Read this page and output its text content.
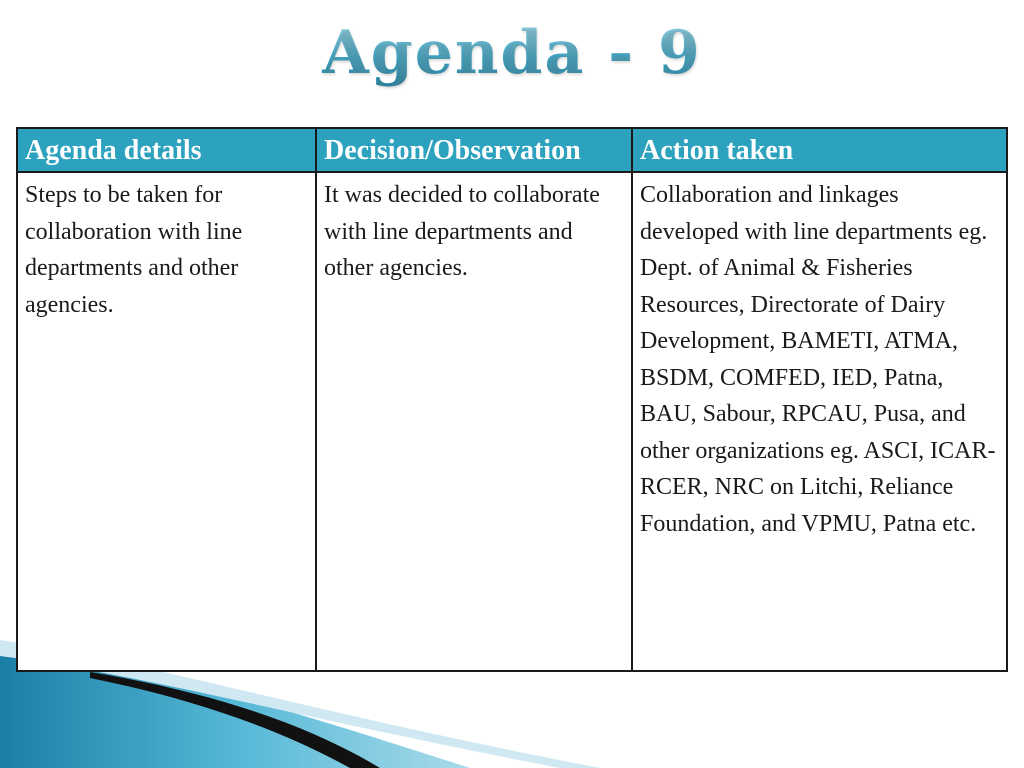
Agenda - 9
Agenda details	Decision/Observation	Action taken
Steps to be taken for collaboration with line departments and other agencies.	It was decided to collaborate with line departments and other agencies.	Collaboration and linkages developed with line departments eg. Dept. of Animal & Fisheries Resources, Directorate of Dairy Development, BAMETI, ATMA, BSDM, COMFED, IED, Patna, BAU, Sabour, RPCAU, Pusa, and other organizations eg. ASCI, ICAR-RCER, NRC on Litchi, Reliance Foundation, and VPMU, Patna etc.
